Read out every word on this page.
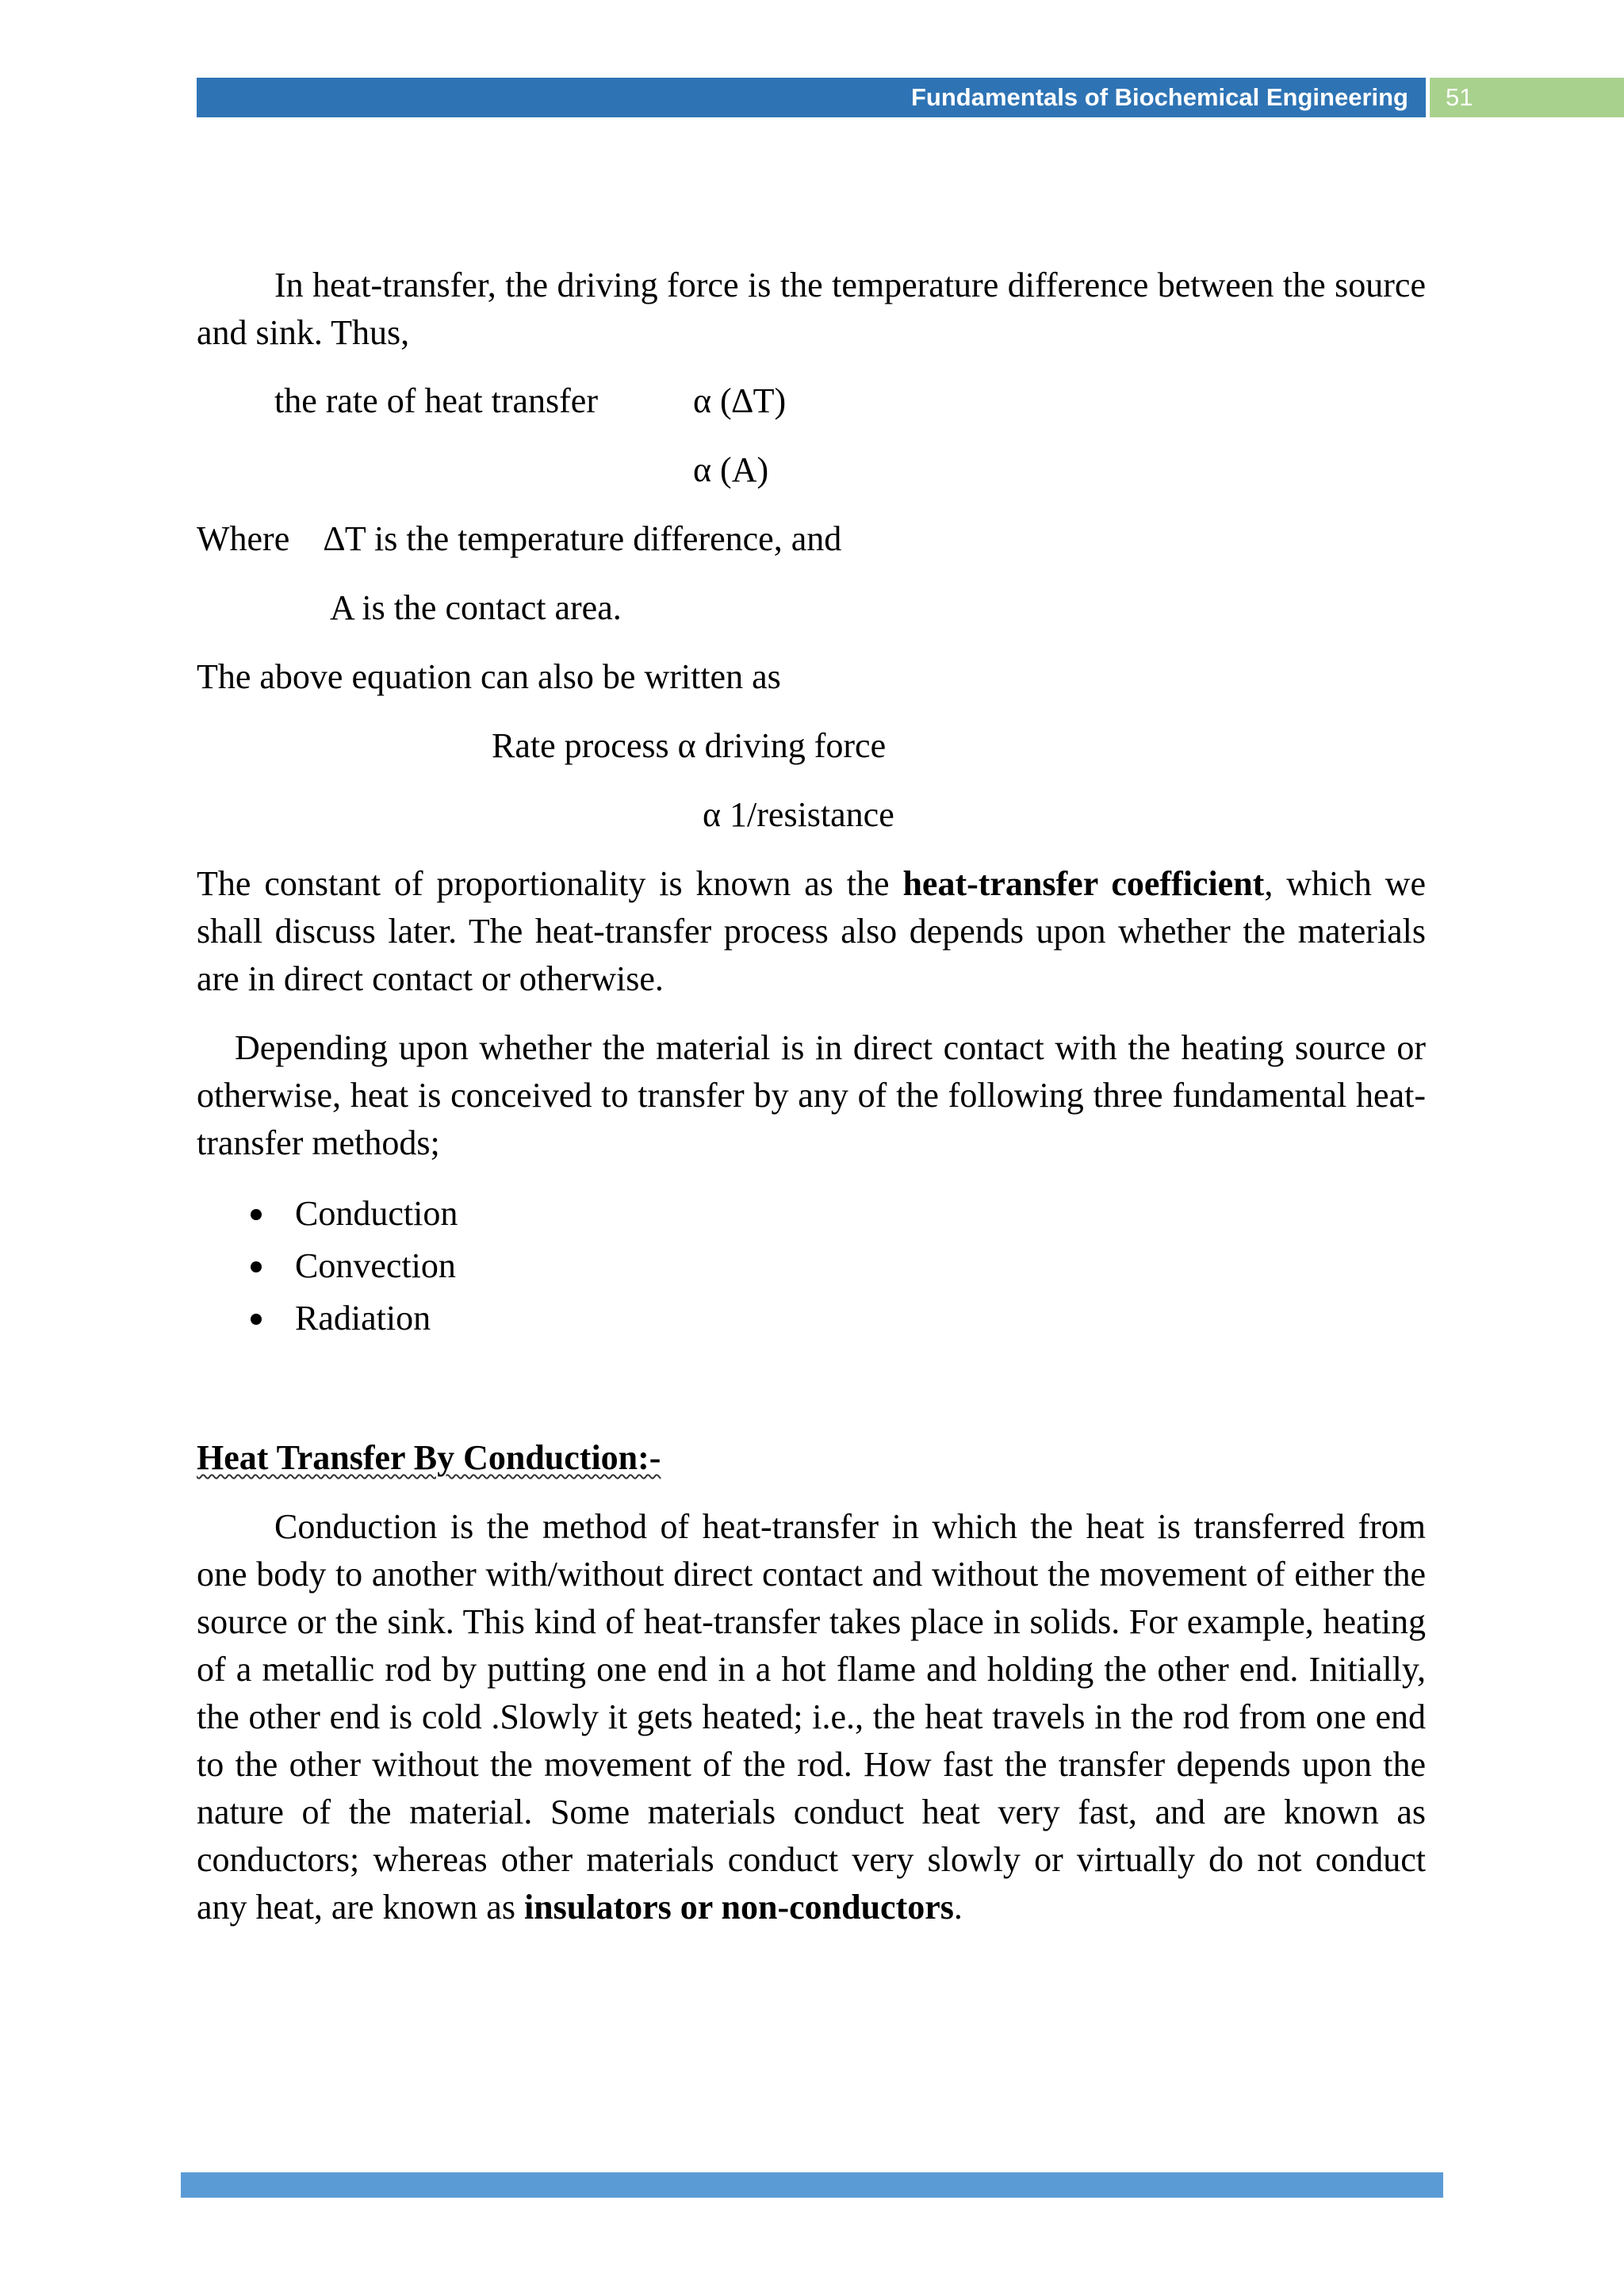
Fundamentals of Biochemical Engineering 51

In heat-transfer, the driving force is the temperature difference between the source and sink. Thus,

the rate of heat transfer	α (∆T)
α (A)
Where ∆T is the temperature difference, and
A is the contact area.
The above equation can also be written as
Rate process α driving force
α 1/resistance

The constant of proportionality is known as the heat-transfer coefficient, which we shall discuss later. The heat-transfer process also depends upon whether the materials are in direct contact or otherwise.

Depending upon whether the material is in direct contact with the heating source or otherwise, heat is conceived to transfer by any of the following three fundamental heat-transfer methods;

Conduction
Convection
Radiation
Heat Transfer By Conduction:-

Conduction is the method of heat-transfer in which the heat is transferred from one body to another with/without direct contact and without the movement of either the source or the sink. This kind of heat-transfer takes place in solids. For example, heating of a metallic rod by putting one end in a hot flame and holding the other end. Initially, the other end is cold .Slowly it gets heated; i.e., the heat travels in the rod from one end to the other without the movement of the rod. How fast the transfer depends upon the nature of the material. Some materials conduct heat very fast, and are known as conductors; whereas other materials conduct very slowly or virtually do not conduct any heat, are known as insulators or non-conductors.
